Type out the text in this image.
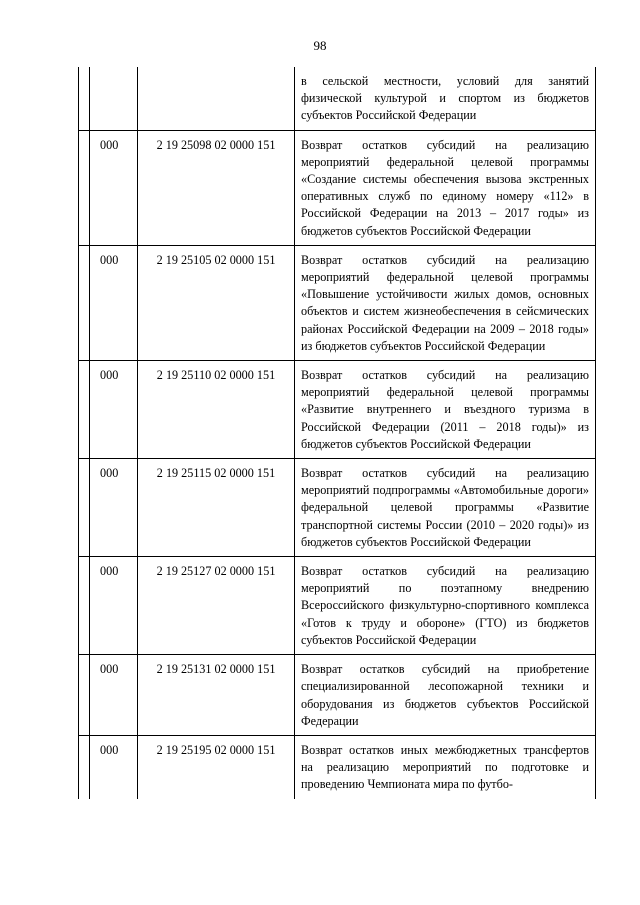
98

			в сельской местности, условий для занятий физической культурой и спортом из бюджетов субъектов Российской Федерации

	000	2 19 25098 02 0000 151	Возврат остатков субсидий на реализацию мероприятий федеральной целевой программы «Создание системы обеспечения вызова экстренных оперативных служб по единому номеру «112» в Российской Федерации на 2013 – 2017 годы» из бюджетов субъектов Российской Федерации

	000	2 19 25105 02 0000 151	Возврат остатков субсидий на реализацию мероприятий федеральной целевой программы «Повышение устойчивости жилых домов, основных объектов и систем жизнеобеспечения в сейсмических районах Российской Федерации на 2009 – 2018 годы» из бюджетов субъектов Российской Федерации

	000	2 19 25110 02 0000 151	Возврат остатков субсидий на реализацию мероприятий федеральной целевой программы «Развитие внутреннего и въездного туризма в Российской Федерации (2011 – 2018 годы)» из бюджетов субъектов Российской Федерации

	000	2 19 25115 02 0000 151	Возврат остатков субсидий на реализацию мероприятий подпрограммы «Автомобильные дороги» федеральной целевой программы «Развитие транспортной системы России (2010 – 2020 годы)» из бюджетов субъектов Российской Федерации

	000	2 19 25127 02 0000 151	Возврат остатков субсидий на реализацию мероприятий по поэтапному внедрению Всероссийского физкультурно-спортивного комплекса «Готов к труду и обороне» (ГТО) из бюджетов субъектов Российской Федерации

	000	2 19 25131 02 0000 151	Возврат остатков субсидий на приобретение специализированной лесопожарной техники и оборудования из бюджетов субъектов Российской Федерации

	000	2 19 25195 02 0000 151	Возврат остатков иных межбюджетных трансфертов на реализацию мероприятий по подготовке и проведению Чемпионата мира по футбо-
